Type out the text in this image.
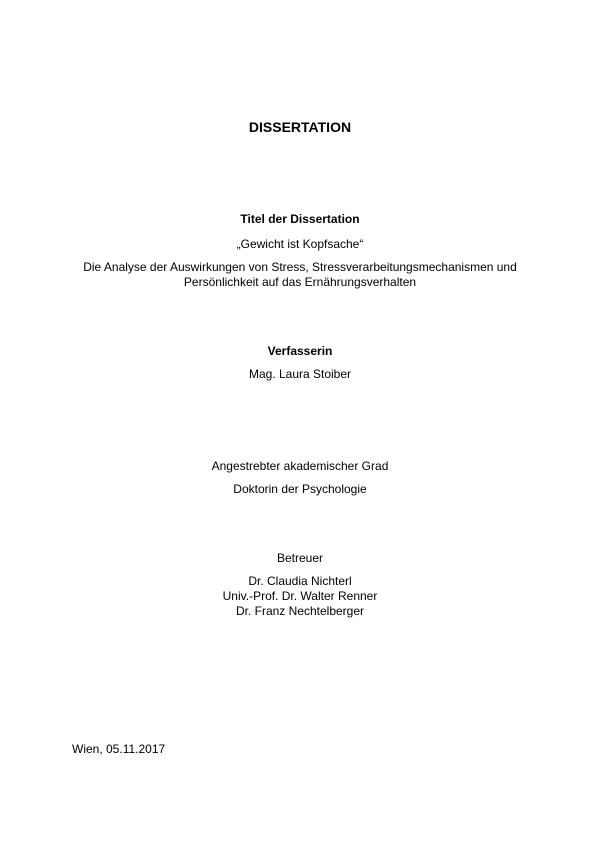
DISSERTATION
Titel der Dissertation
„Gewicht ist Kopfsache“
Die Analyse der Auswirkungen von Stress, Stressverarbeitungsmechanismen und
Persönlichkeit auf das Ernährungsverhalten
Verfasserin
Mag. Laura Stoiber
Angestrebter akademischer Grad
Doktorin der Psychologie
Betreuer
Dr. Claudia Nichterl
Univ.-Prof. Dr. Walter Renner
Dr. Franz Nechtelberger
Wien, 05.11.2017
